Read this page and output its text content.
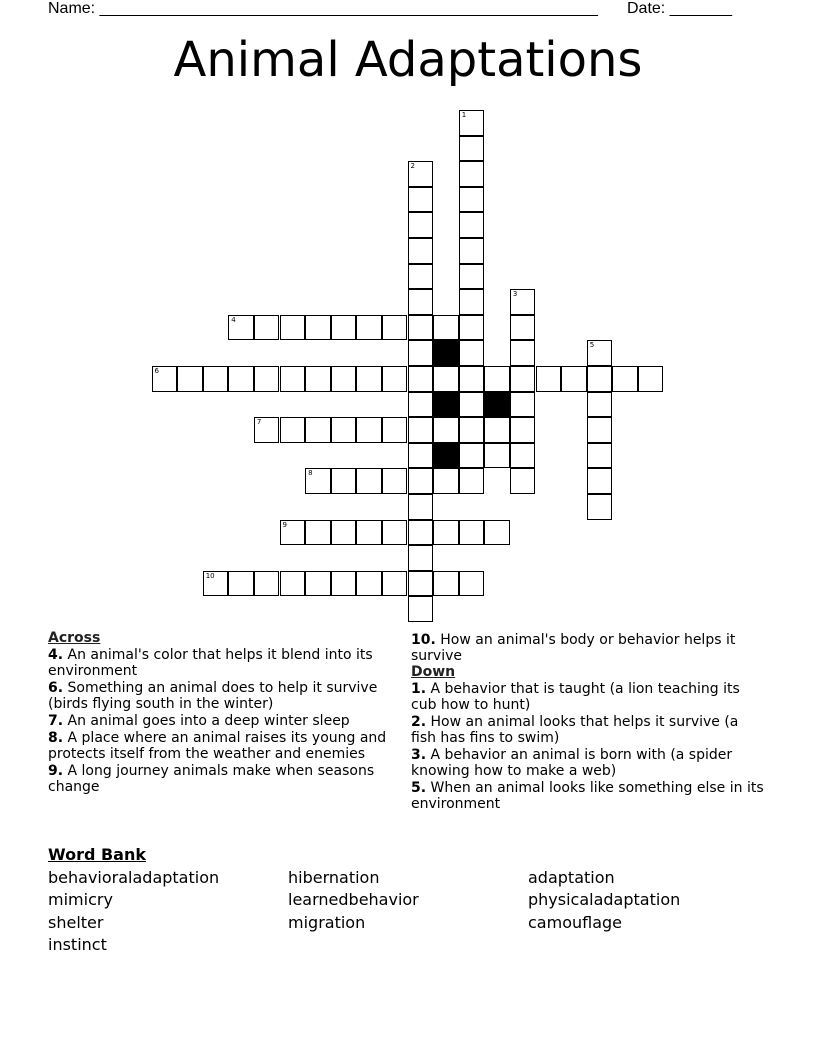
Name: ________________________________________________________ Date: _______
Animal Adaptations
1
2
3
4
5
6
7
8
9
10
Across
4. An animal's color that helps it blend into its environment
6. Something an animal does to help it survive (birds flying south in the winter)
7. An animal goes into a deep winter sleep
8. A place where an animal raises its young and protects itself from the weather and enemies
9. A long journey animals make when seasons change
10. How an animal's body or behavior helps it survive
Down
1. A behavior that is taught (a lion teaching its cub how to hunt)
2. How an animal looks that helps it survive (a fish has fins to swim)
3. A behavior an animal is born with (a spider knowing how to make a web)
5. When an animal looks like something else in its environment
Word Bank
behavioraladaptation	hibernation	adaptation
mimicry	learnedbehavior	physicaladaptation
shelter	migration	camouflage
instinct
